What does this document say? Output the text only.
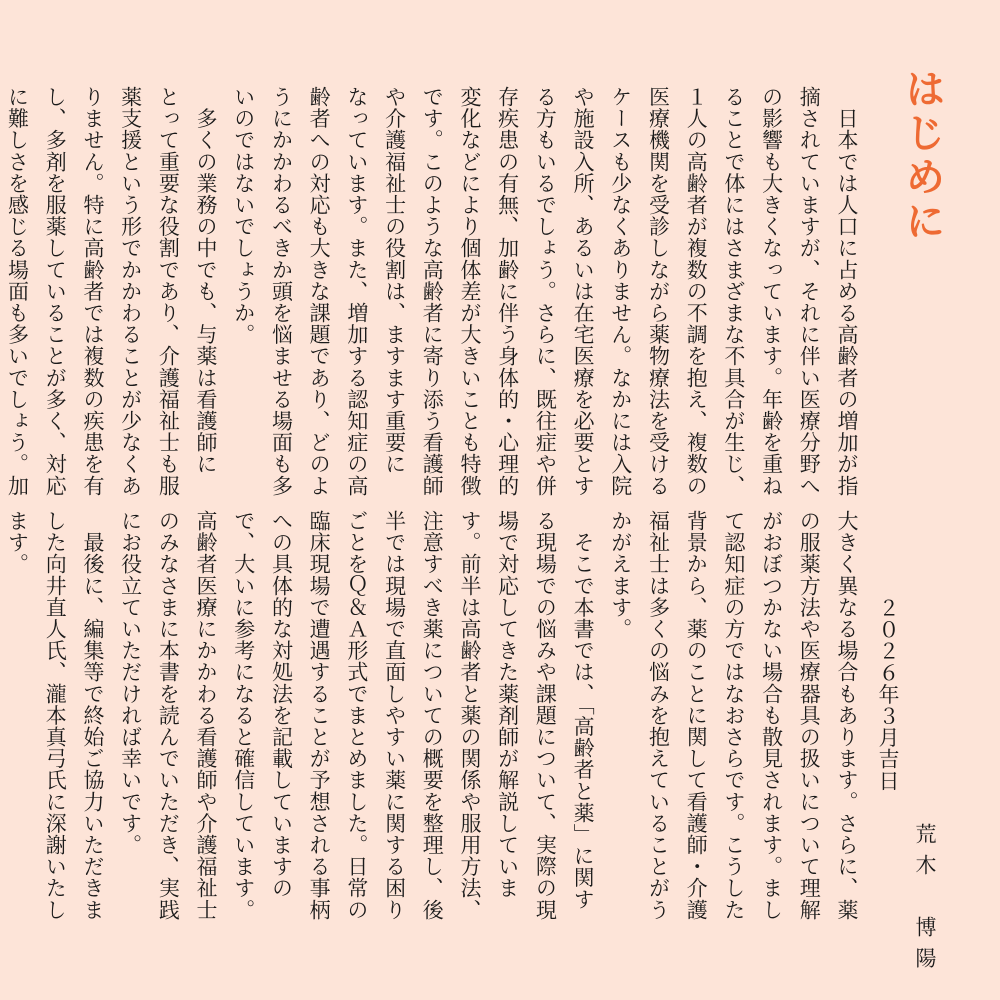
はじめに
　日本では人口に占める高齢者の増加が指
摘されていますが、それに伴い医療分野へ
の影響も大きくなっています。年齢を重ね
ることで体にはさまざまな不具合が生じ、
１人の高齢者が複数の不調を抱え、複数の
医療機関を受診しながら薬物療法を受ける
ケースも少なくありません。なかには入院
や施設入所、あるいは在宅医療を必要とす
る方もいるでしょう。さらに、既往症や併
存疾患の有無、加齢に伴う身体的・心理的
変化などにより個体差が大きいことも特徴
です。このような高齢者に寄り添う看護師
や介護福祉士の役割は、ますます重要に
なっています。また、増加する認知症の高
齢者への対応も大きな課題であり、どのよ
うにかかわるべきか頭を悩ませる場面も多
いのではないでしょうか。
　多くの業務の中でも、与薬は看護師に
とって重要な役割であり、介護福祉士も服
薬支援という形でかかわることが少なくあ
りません。特に高齢者では複数の疾患を有
し、多剤を服薬していることが多く、対応
に難しさを感じる場面も多いでしょう。加
大きく異なる場合もあります。さらに、薬
の服薬方法や医療器具の扱いについて理解
がおぼつかない場合も散見されます。まし
て認知症の方ではなおさらです。こうした
背景から、薬のことに関して看護師・介護
福祉士は多くの悩みを抱えていることがう
かがえます。
　そこで本書では、「高齢者と薬」に関す
る現場での悩みや課題について、実際の現
場で対応してきた薬剤師が解説していま
す。前半は高齢者と薬の関係や服用方法、
注意すべき薬についての概要を整理し、後
半では現場で直面しやすい薬に関する困り
ごとをＱ＆Ａ形式でまとめました。日常の
臨床現場で遭遇することが予想される事柄
への具体的な対処法を記載していますの
で、大いに参考になると確信しています。
高齢者医療にかかわる看護師や介護福祉士
のみなさまに本書を読んでいただき、実践
にお役立ていただければ幸いです。
　最後に、編集等で終始ご協力いただきま
した向井直人氏、瀧本真弓氏に深謝いたし
ます。
２０２６年３月吉日
荒木　博陽
